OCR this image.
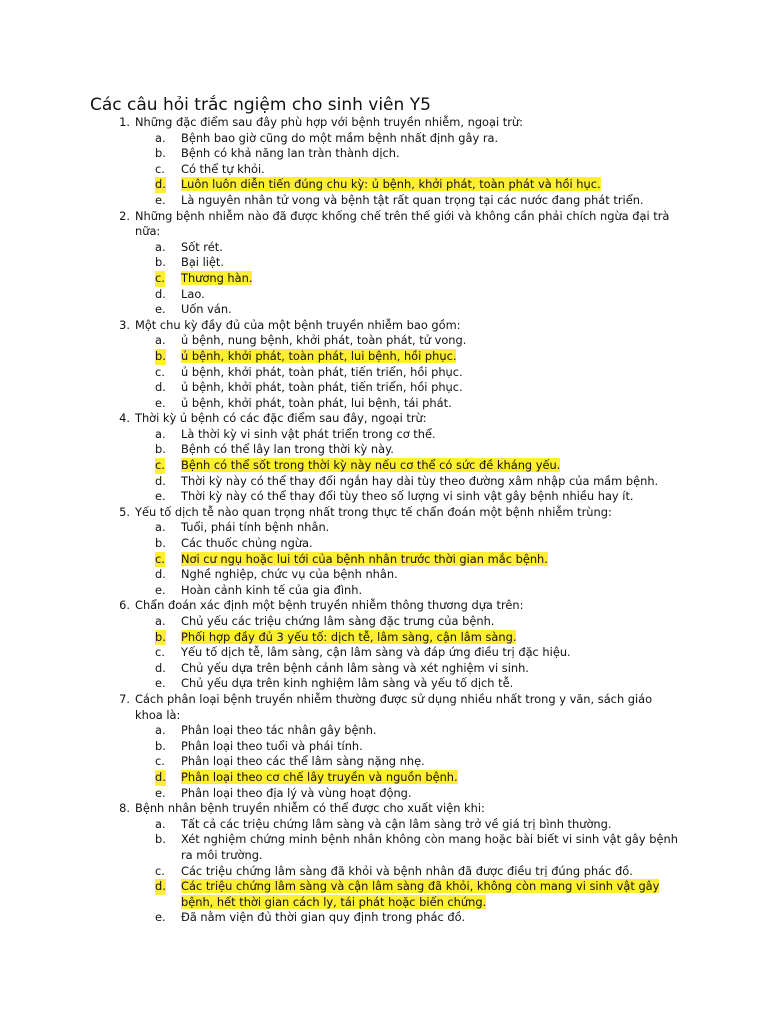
Các câu hỏi trắc ngiệm cho sinh viên Y5
1. Những đặc điểm sau đây phù hợp với bệnh truyền nhiễm, ngoại trừ:
a. Bệnh bao giờ cũng do một mầm bệnh nhất định gây ra.
b. Bệnh có khả năng lan tràn thành dịch.
c. Có thể tự khỏi.
d. Luôn luôn diễn tiến đúng chu kỳ: ủ bệnh, khởi phát, toàn phát và hồi hục.
e. Là nguyên nhân tử vong và bệnh tật rất quan trọng tại các nước đang phát triển.
2. Những bệnh nhiễm nào đã được khống chế trên thế giới và không cần phải chích ngừa đại trà nữa:
a. Sốt rét.
b. Bại liệt.
c. Thương hàn.
d. Lao.
e. Uốn ván.
3. Một chu kỳ đầy đủ của một bệnh truyền nhiễm bao gồm:
a. ủ bệnh, nung bệnh, khởi phát, toàn phát, tử vong.
b. ủ bệnh, khởi phát, toàn phát, lui bệnh, hồi phục.
c. ủ bệnh, khởi phát, toàn phát, tiến triển, hồi phục.
d. ủ bệnh, khởi phát, toàn phát, tiến triển, hồi phục.
e. ủ bệnh, khởi phát, toàn phát, lui bệnh, tái phát.
4. Thời kỳ ủ bệnh có các đặc điểm sau đây, ngoại trừ:
a. Là thời kỳ vi sinh vật phát triển trong cơ thể.
b. Bệnh có thể lây lan trong thời kỳ này.
c. Bệnh có thể sốt trong thời kỳ này nếu cơ thể có sức đề kháng yếu.
d. Thời kỳ này có thể thay đổi ngắn hay dài tùy theo đường xâm nhập của mầm bệnh.
e. Thời kỳ này có thể thay đổi tùy theo số lượng vi sinh vật gây bệnh nhiều hay ít.
5. Yếu tố dịch tễ nào quan trọng nhất trong thực tế chẩn đoán một bệnh nhiễm trùng:
a. Tuổi, phái tính bệnh nhân.
b. Các thuốc chủng ngừa.
c. Nơi cư ngụ hoặc lui tới của bệnh nhân trước thời gian mắc bệnh.
d. Nghề nghiệp, chức vụ của bệnh nhân.
e. Hoàn cảnh kinh tế của gia đình.
6. Chẩn đoán xác định một bệnh truyền nhiễm thông thương dựa trên:
a. Chủ yếu các triệu chứng lâm sàng đặc trưng của bệnh.
b. Phối hợp đầy đủ 3 yếu tố: dịch tễ, lâm sàng, cận lâm sàng.
c. Yếu tố dịch tễ, lâm sàng, cận lâm sàng và đáp ứng điều trị đặc hiệu.
d. Chủ yếu dựa trên bệnh cảnh lâm sàng và xét nghiệm vi sinh.
e. Chủ yếu dựa trên kinh nghiệm lâm sàng và yếu tố dịch tễ.
7. Cách phân loại bệnh truyền nhiễm thường được sử dụng nhiều nhất trong y văn, sách giáo khoa là:
a. Phân loại theo tác nhân gây bệnh.
b. Phân loại theo tuổi và phái tính.
c. Phân loại theo các thể lâm sàng nặng nhẹ.
d. Phân loại theo cơ chế lây truyền và nguồn bệnh.
e. Phân loại theo địa lý và vùng hoạt động.
8. Bệnh nhân bệnh truyền nhiễm có thể được cho xuất viện khi:
a. Tất cả các triệu chứng lâm sàng và cận lâm sàng trở về giá trị bình thường.
b. Xét nghiệm chứng minh bệnh nhân không còn mang hoặc bài biết vi sinh vật gây bệnh ra môi trường.
c. Các triệu chứng lâm sàng đã khỏi và bệnh nhân đã được điều trị đúng phác đồ.
d. Các triệu chứng lâm sàng và cận lâm sàng đã khỏi, không còn mang vi sinh vật gây bệnh, hết thời gian cách ly, tái phát hoặc biến chứng.
e. Đã nằm viện đủ thời gian quy định trong phác đồ.
